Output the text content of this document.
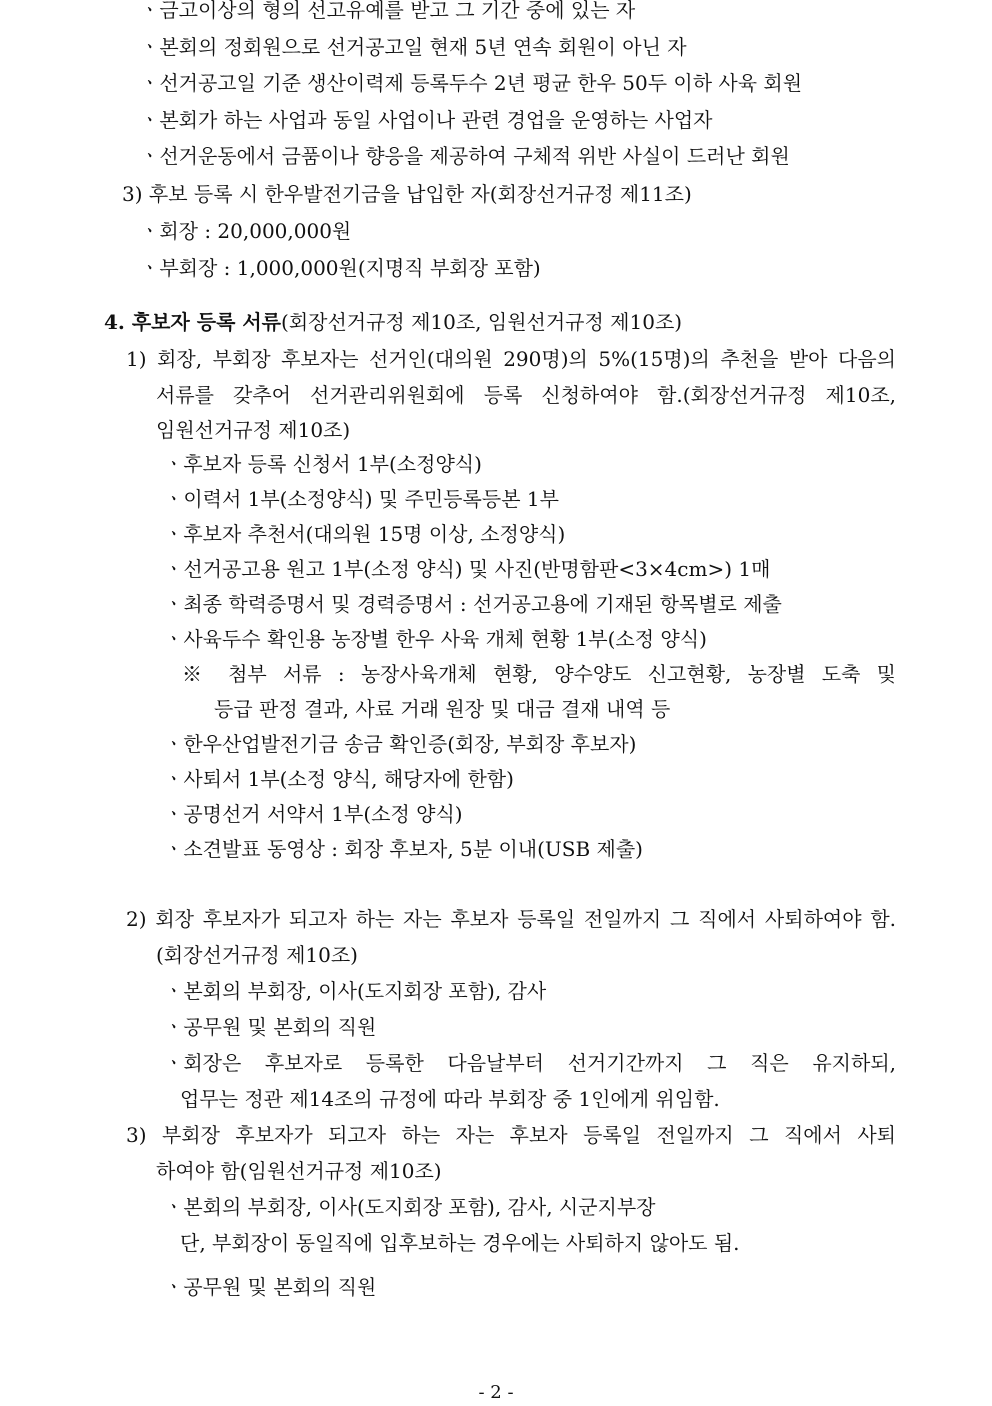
ㆍ금고이상의 형의 선고유예를 받고 그 기간 중에 있는 자
ㆍ본회의 정회원으로 선거공고일 현재 5년 연속 회원이 아닌 자
ㆍ선거공고일 기준 생산이력제 등록두수 2년 평균 한우 50두 이하 사육 회원
ㆍ본회가 하는 사업과 동일 사업이나 관련 경업을 운영하는 사업자
ㆍ선거운동에서 금품이나 향응을 제공하여 구체적 위반 사실이 드러난 회원
3) 후보 등록 시 한우발전기금을 납입한 자(회장선거규정 제11조)
ㆍ회장 : 20,000,000원
ㆍ부회장 : 1,000,000원(지명직 부회장 포함)
4. 후보자 등록 서류(회장선거규정 제10조, 임원선거규정 제10조)
1) 회장, 부회장 후보자는 선거인(대의원 290명)의 5%(15명)의 추천을 받아 다음의
서류를 갖추어 선거관리위원회에 등록 신청하여야 함.(회장선거규정 제10조,
임원선거규정 제10조)
ㆍ후보자 등록 신청서 1부(소정양식)
ㆍ이력서 1부(소정양식) 및 주민등록등본 1부
ㆍ후보자 추천서(대의원 15명 이상, 소정양식)
ㆍ선거공고용 원고 1부(소정 양식) 및 사진(반명함판<3×4cm>) 1매
ㆍ최종 학력증명서 및 경력증명서 : 선거공고용에 기재된 항목별로 제출
ㆍ사육두수 확인용 농장별 한우 사육 개체 현황 1부(소정 양식)
※ 첨부 서류 : 농장사육개체 현황, 양수양도 신고현황, 농장별 도축 및
등급 판정 결과, 사료 거래 원장 및 대금 결재 내역 등
ㆍ한우산업발전기금 송금 확인증(회장, 부회장 후보자)
ㆍ사퇴서 1부(소정 양식, 해당자에 한함)
ㆍ공명선거 서약서 1부(소정 양식)
ㆍ소견발표 동영상 : 회장 후보자, 5분 이내(USB 제출)
2) 회장 후보자가 되고자 하는 자는 후보자 등록일 전일까지 그 직에서 사퇴하여야 함.
(회장선거규정 제10조)
ㆍ본회의 부회장, 이사(도지회장 포함), 감사
ㆍ공무원 및 본회의 직원
ㆍ회장은 후보자로 등록한 다음날부터 선거기간까지 그 직은 유지하되,
업무는 정관 제14조의 규정에 따라 부회장 중 1인에게 위임함.
3) 부회장 후보자가 되고자 하는 자는 후보자 등록일 전일까지 그 직에서 사퇴
하여야 함(임원선거규정 제10조)
ㆍ본회의 부회장, 이사(도지회장 포함), 감사, 시군지부장
단, 부회장이 동일직에 입후보하는 경우에는 사퇴하지 않아도 됨.
ㆍ공무원 및 본회의 직원
- 2 -
